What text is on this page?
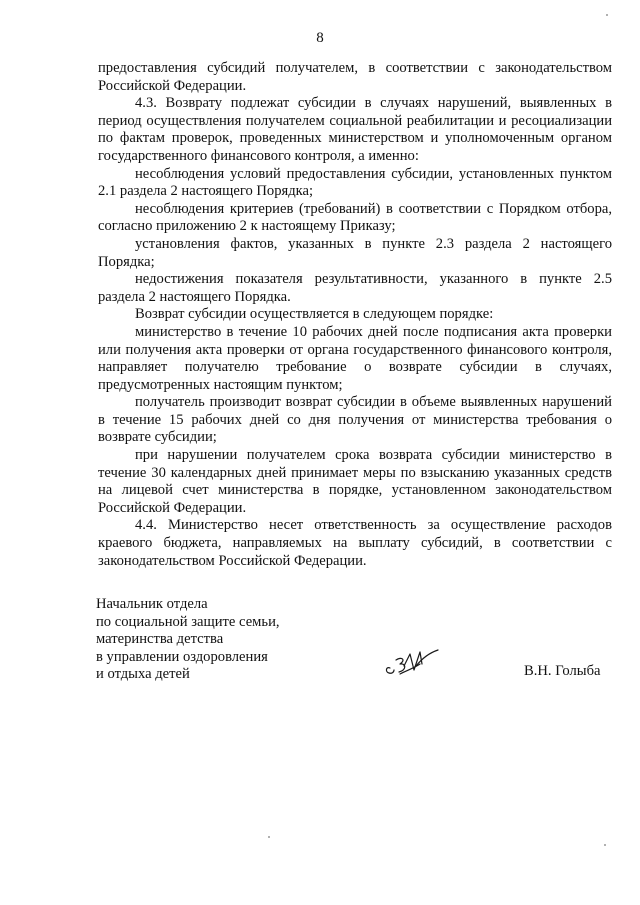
8

предоставления субсидий получателем, в соответствии с законодательством Российской Федерации.

4.3. Возврату подлежат субсидии в случаях нарушений, выявленных в период осуществления получателем социальной реабилитации и ресоциализации по фактам проверок, проведенных министерством и уполномоченным органом государственного финансового контроля, а именно:

несоблюдения условий предоставления субсидии, установленных пунктом 2.1 раздела 2 настоящего Порядка;

несоблюдения критериев (требований) в соответствии с Порядком отбора, согласно приложению 2 к настоящему Приказу;

установления фактов, указанных в пункте 2.3 раздела 2 настоящего Порядка;

недостижения показателя результативности, указанного в пункте 2.5 раздела 2 настоящего Порядка.

Возврат субсидии осуществляется в следующем порядке:

министерство в течение 10 рабочих дней после подписания акта проверки или получения акта проверки от органа государственного финансового контроля, направляет получателю требование о возврате субсидии в случаях, предусмотренных настоящим пунктом;

получатель производит возврат субсидии в объеме выявленных нарушений в течение 15 рабочих дней со дня получения от министерства требования о возврате субсидии;

при нарушении получателем срока возврата субсидии министерство в течение 30 календарных дней принимает меры по взысканию указанных средств на лицевой счет министерства в порядке, установленном законодательством Российской Федерации.

4.4. Министерство несет ответственность за осуществление расходов краевого бюджета, направляемых на выплату субсидий, в соответствии с законодательством Российской Федерации.

Начальник отдела
по социальной защите семьи,
материнства детства
в управлении оздоровления
и отдыха детей	В.Н. Голыба
